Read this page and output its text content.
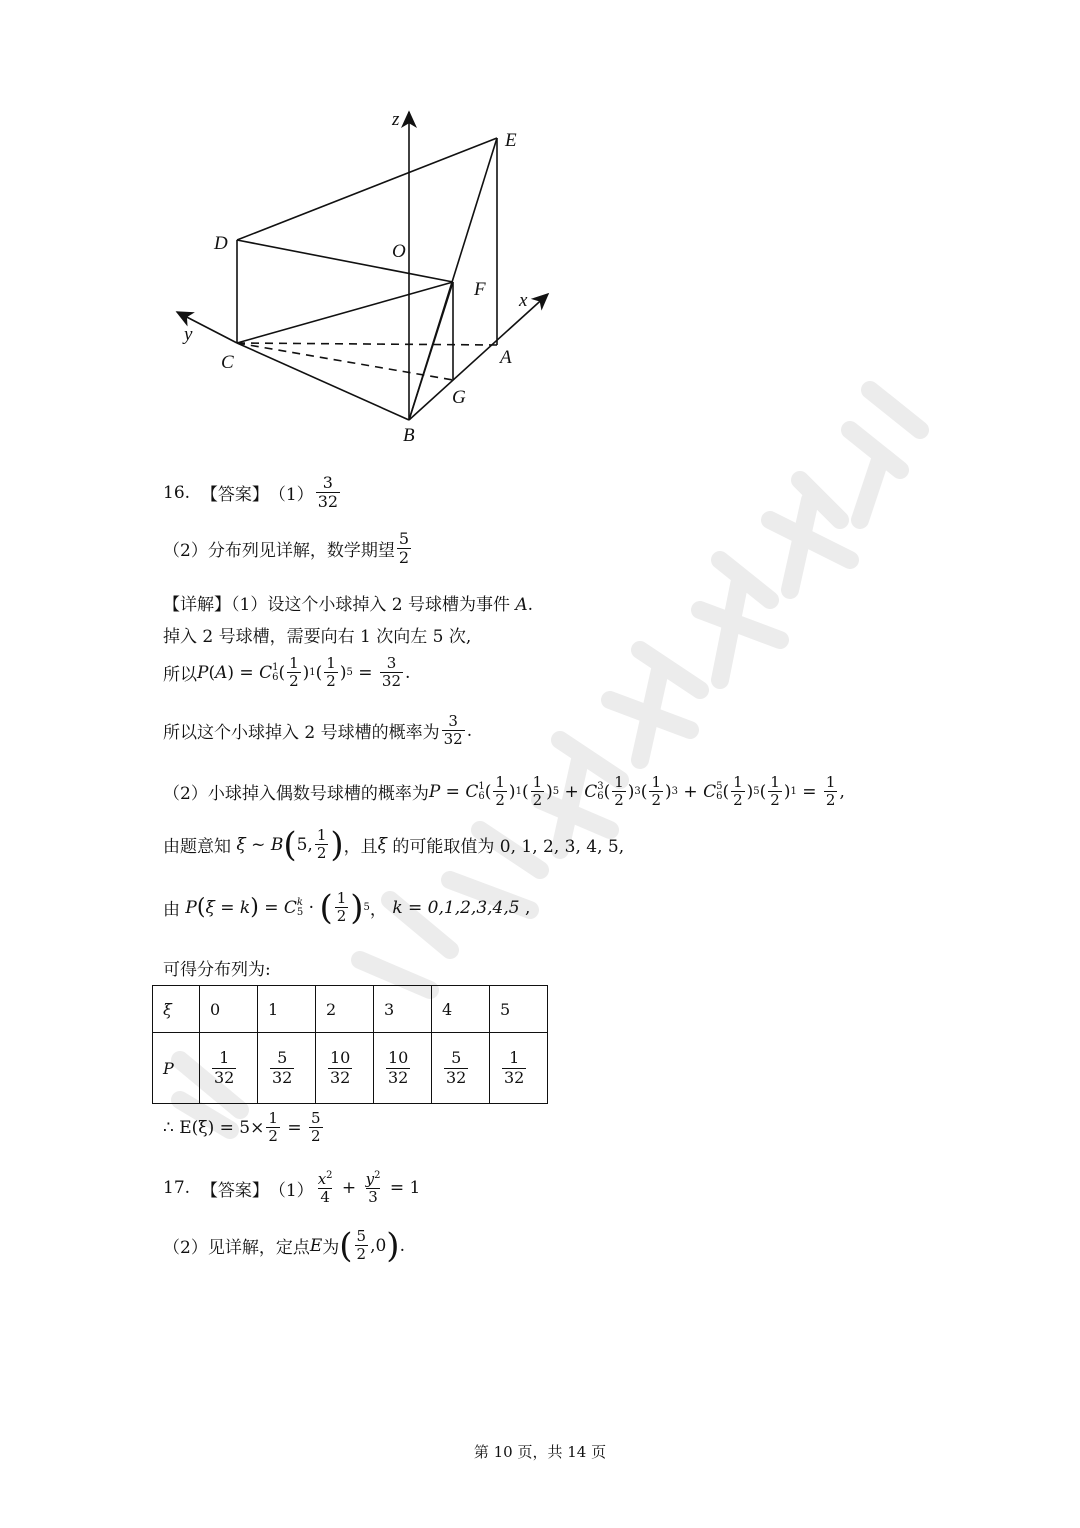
z
E
D	O
F
x
y
C	A
G
B
16.
【答案】 $(1) \frac{3}{32}$
（2）分布列见详解，数学期望 $\frac{5}{2}$
【详解】（1）设这个小球掉入 2 号球槽为事件 A.
掉入 2 号球槽，需要向右 1 次向左 5 次,
所以 P ( A ) = C 1
6 ( $\frac{1}{2}$ ) 1 ( $\frac{1}{2}$ ) $5 = \frac{3}{32}$ .
所以这个小球掉入 2 号球槽的概率为 $\frac{3}{32}$ .
（2）小球掉入偶数号球槽的概率为 P = C 1
6 ( $\frac{1}{2}$ ) 1 ( $\frac{1}{2}$ ) 5 + C 3
6 ( $\frac{1}{2}$ ) 3 ( $\frac{1}{2}$ ) 3 + C 5
6 ( $\frac{1}{2}$ ) 5 ( $\frac{1}{2}$ ) $1 = \frac{1}{2}$ ,
由题意知 ξ ~ B ( 5, $\frac{1}{2}$ ) ，且 ξ
的可能取值为 0, 1, 2, 3, 4, 5,
由
P ( ξ = k ) = C k
5 · ( $\frac{1}{2}$ ) 5 ， k = 0,1,2,3,4,5 ,
可得分布列为:
ξ	0	1	2	3	4	5
P	$\frac{1}{32}$	$\frac{5}{32}$	$\frac{10}{32}$	$\frac{10}{32}$	$\frac{5}{32}$	$\frac{1}{32}$
∴ $E(\xi) = 5\times \frac{1}{2} = \frac{5}{2}$
17.
【答案】 $(1) \frac{x^2}{4} + \frac{y^2}{3} = 1$
（2）见详解，定点 E 为 ( $\frac{5}{2} ,0$ ) .
第 10 页，共 14 页
